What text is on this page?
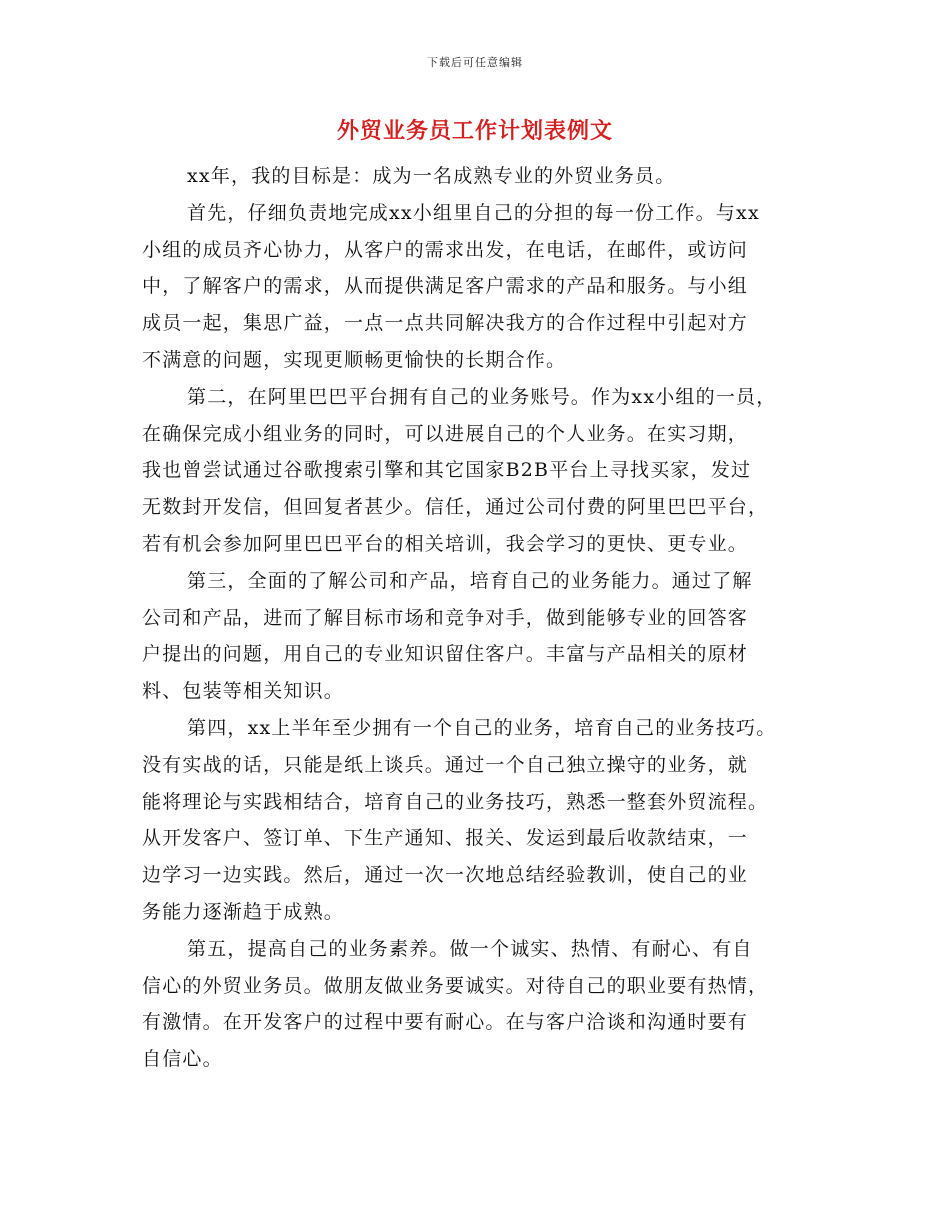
下载后可任意编辑
外贸业务员工作计划表例文
xx年，我的目标是：成为一名成熟专业的外贸业务员。
首先，仔细负责地完成xx小组里自己的分担的每一份工作。与xx
小组的成员齐心协力，从客户的需求出发，在电话，在邮件，或访问
中，了解客户的需求，从而提供满足客户需求的产品和服务。与小组
成员一起，集思广益，一点一点共同解决我方的合作过程中引起对方
不满意的问题，实现更顺畅更愉快的长期合作。
第二，在阿里巴巴平台拥有自己的业务账号。作为xx小组的一员，
在确保完成小组业务的同时，可以进展自己的个人业务。在实习期，
我也曾尝试通过谷歌搜索引擎和其它国家B2B平台上寻找买家，发过
无数封开发信，但回复者甚少。信任，通过公司付费的阿里巴巴平台，
若有机会参加阿里巴巴平台的相关培训，我会学习的更快、更专业。
第三，全面的了解公司和产品，培育自己的业务能力。通过了解
公司和产品，进而了解目标市场和竞争对手，做到能够专业的回答客
户提出的问题，用自己的专业知识留住客户。丰富与产品相关的原材
料、包装等相关知识。
第四，xx上半年至少拥有一个自己的业务，培育自己的业务技巧。
没有实战的话，只能是纸上谈兵。通过一个自己独立操守的业务，就
能将理论与实践相结合，培育自己的业务技巧，熟悉一整套外贸流程。
从开发客户、签订单、下生产通知、报关、发运到最后收款结束，一
边学习一边实践。然后，通过一次一次地总结经验教训，使自己的业
务能力逐渐趋于成熟。
第五，提高自己的业务素养。做一个诚实、热情、有耐心、有自
信心的外贸业务员。做朋友做业务要诚实。对待自己的职业要有热情，
有激情。在开发客户的过程中要有耐心。在与客户洽谈和沟通时要有
自信心。
